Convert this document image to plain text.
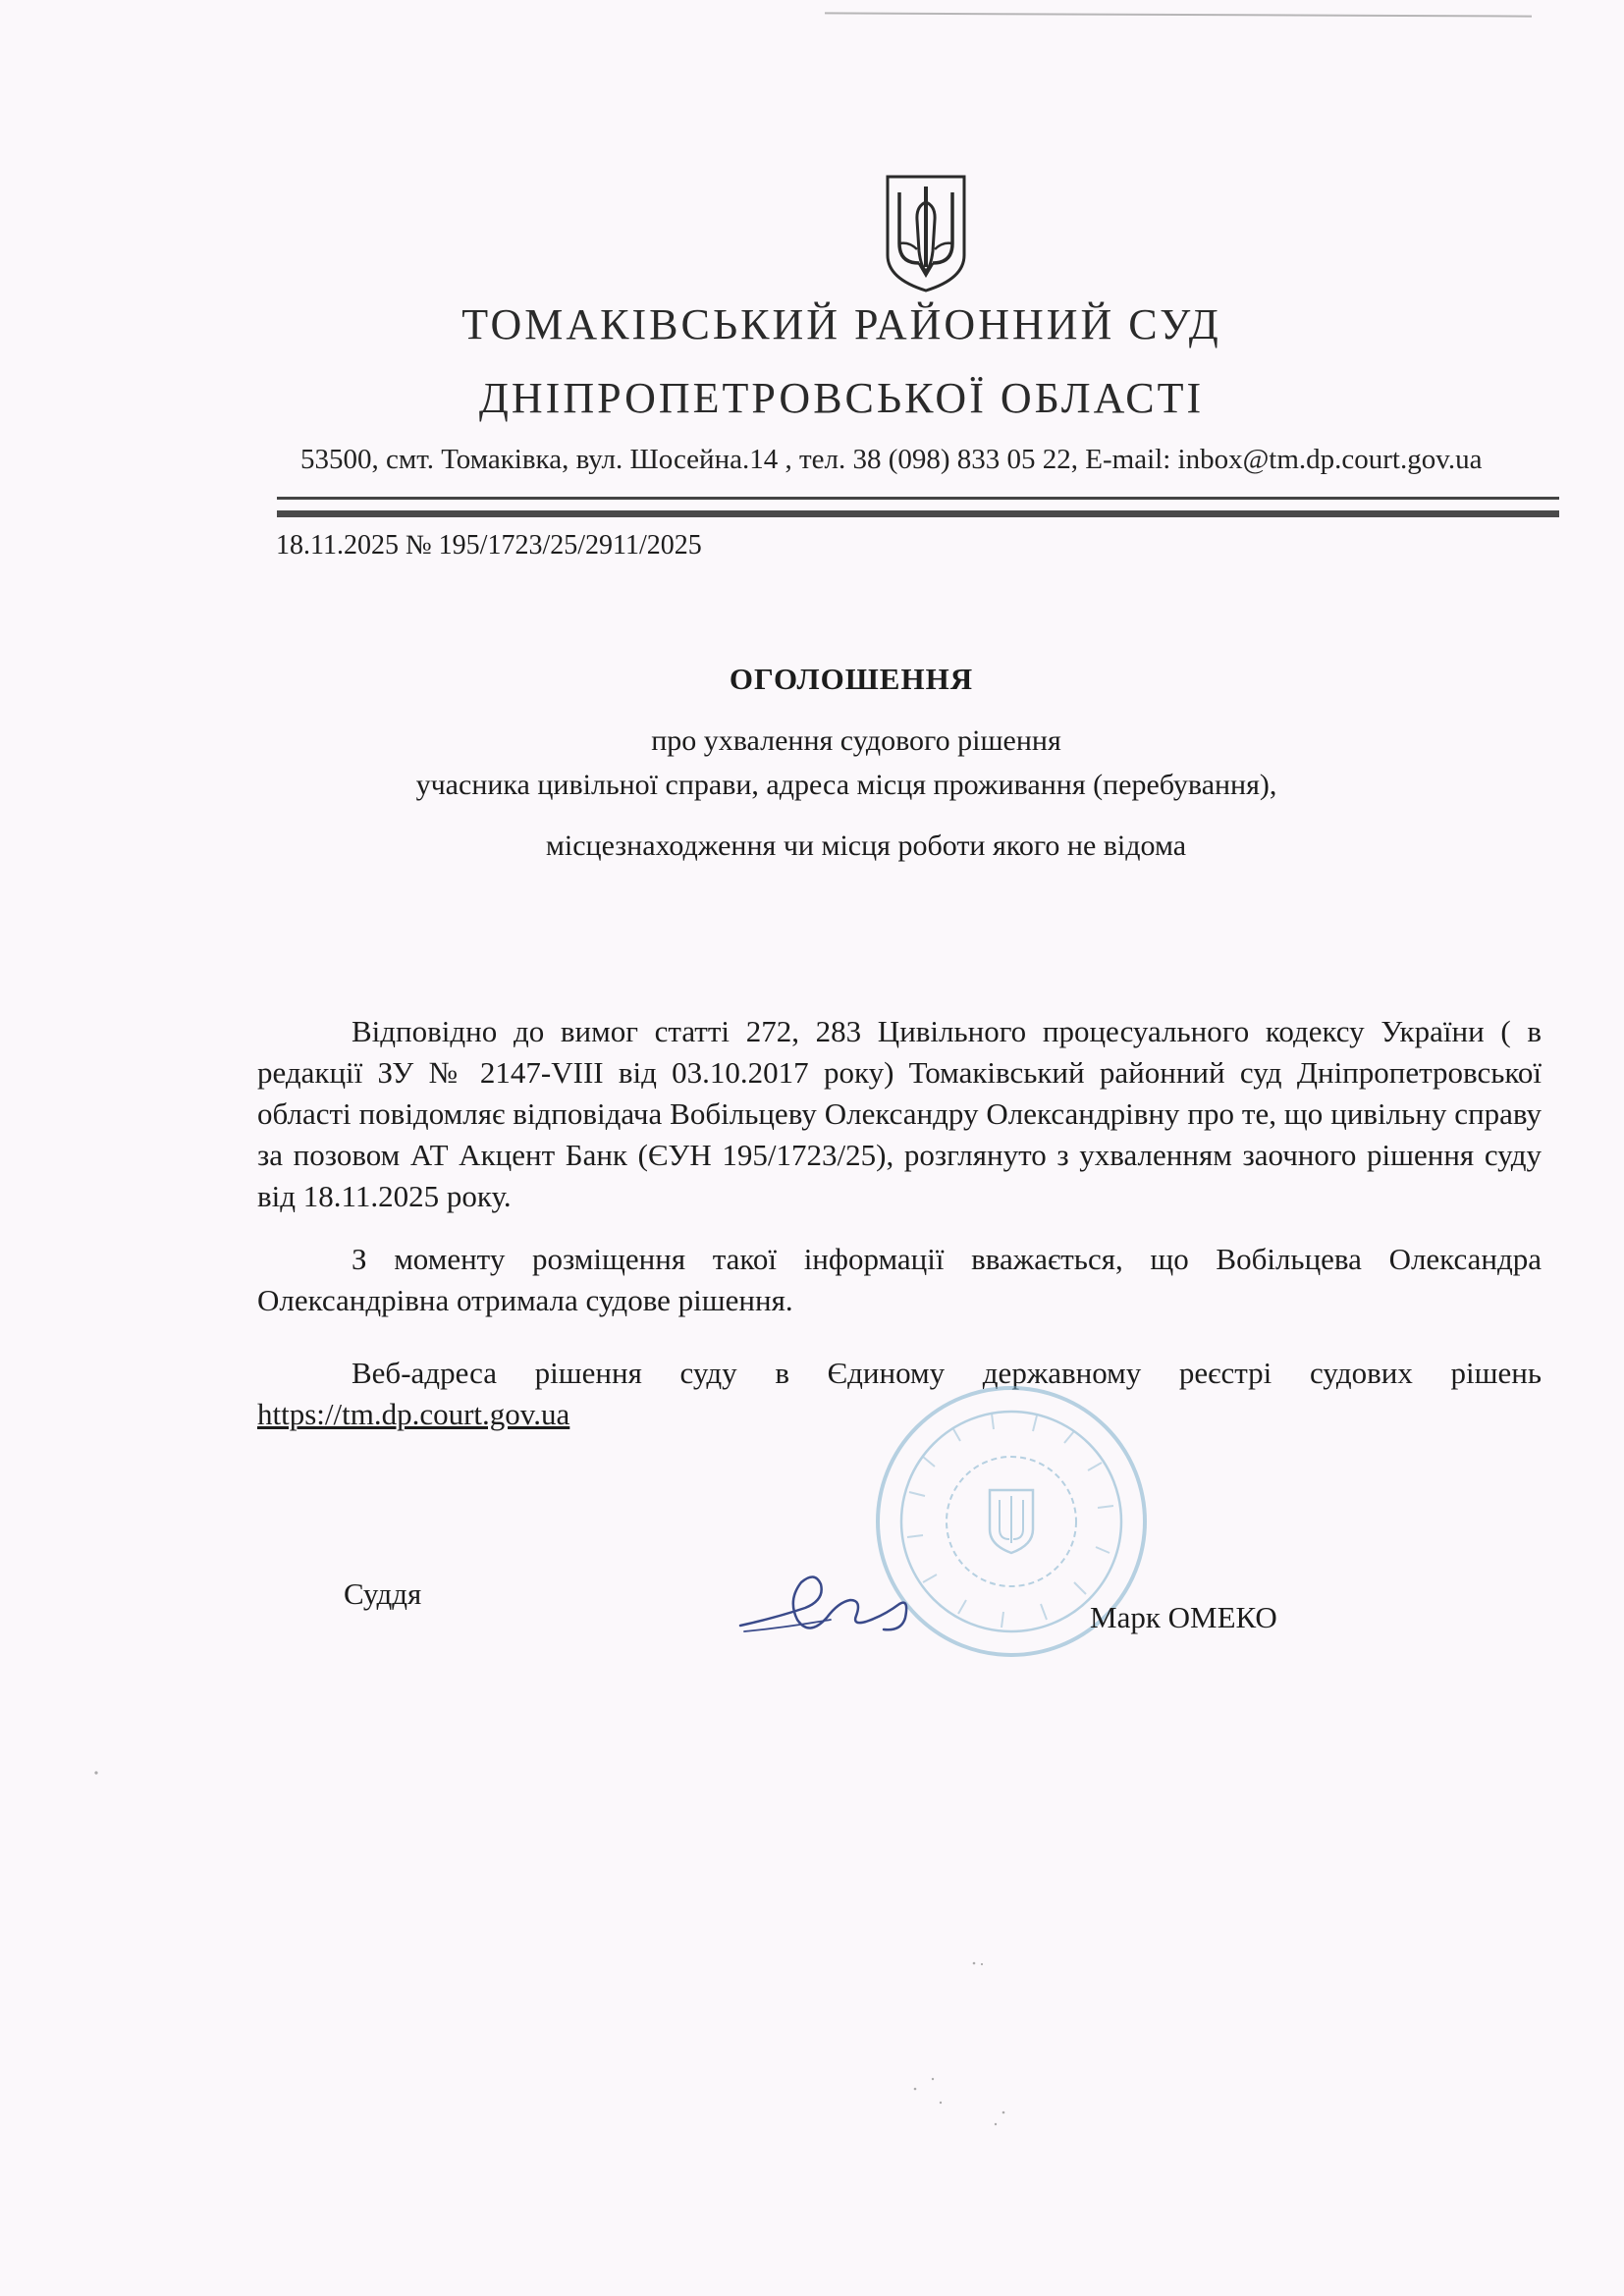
ТОМАКІВСЬКИЙ РАЙОННИЙ СУД
ДНІПРОПЕТРОВСЬКОЇ ОБЛАСТІ
53500, смт. Томаківка, вул. Шосейна.14 , тел. 38 (098) 833 05 22, E-mail: inbox@tm.dp.court.gov.ua
18.11.2025 № 195/1723/25/2911/2025
ОГОЛОШЕННЯ
про ухвалення судового рішення
учасника цивільної справи, адреса місця проживання (перебування),
місцезнаходження чи місця роботи якого не відома
Відповідно до вимог статті 272, 283 Цивільного процесуального кодексу України ( в редакції ЗУ № 2147-VIII від 03.10.2017 року) Томаківський районний суд Дніпропетровської області повідомляє відповідача Вобільцеву Олександру Олександрівну про те, що цивільну справу за позовом АТ Акцент Банк (ЄУН 195/1723/25), розглянуто з ухваленням заочного рішення суду від 18.11.2025 року.
З моменту розміщення такої інформації вважається, що Вобільцева Олександра Олександрівна отримала судове рішення.
Веб-адреса рішення суду в Єдиному державному реєстрі судових рішень https://tm.dp.court.gov.ua
Суддя
Марк ОМЕКО
